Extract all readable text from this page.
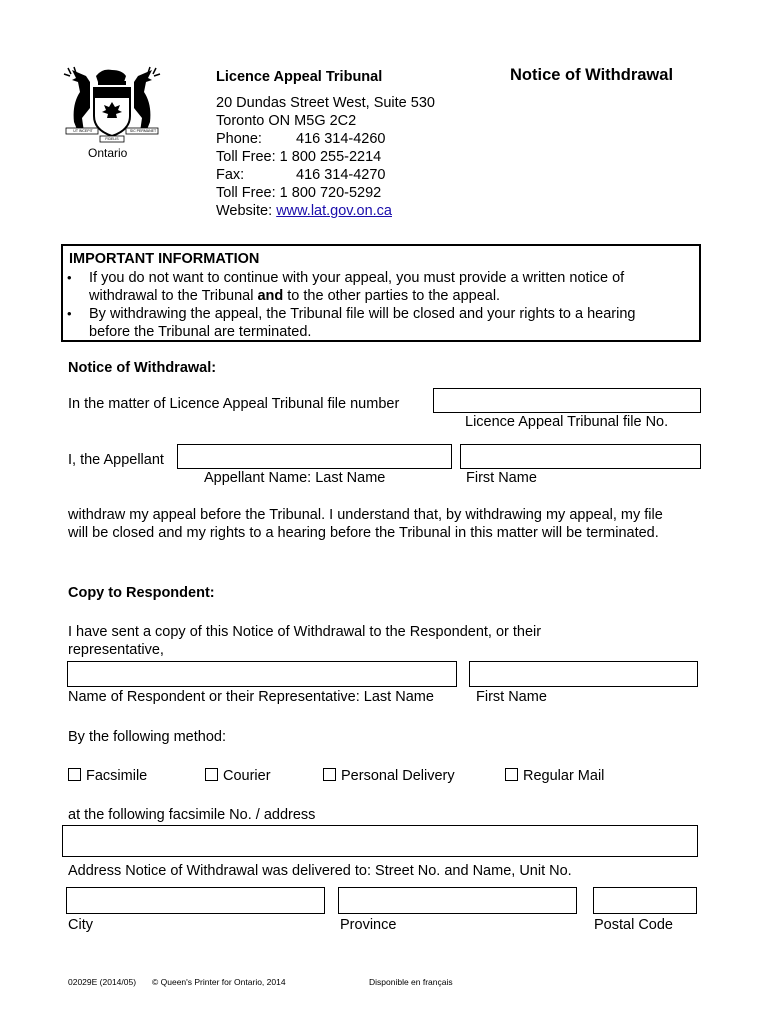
UT INCEPIT	SIC PERMANET
FIDELIS
Ontario
Licence Appeal Tribunal	Notice of Withdrawal
20 Dundas Street West, Suite 530
Toronto ON M5G 2C2
Phone: 416 314-4260
Toll Free: 1 800 255-2214
Fax:	416 314-4270
Toll Free: 1 800 720-5292
Website: www.lat.gov.on.ca
IMPORTANT INFORMATION
•	If you do not want to continue with your appeal, you must provide a written notice of
withdrawal to the Tribunal and to the other parties to the appeal.
•	By withdrawing the appeal, the Tribunal file will be closed and your rights to a hearing
before the Tribunal are terminated.
Notice of Withdrawal:
In the matter of Licence Appeal Tribunal file number
Licence Appeal Tribunal file No.
I, the Appellant
Appellant Name: Last Name	First Name
withdraw my appeal before the Tribunal. I understand that, by withdrawing my appeal, my file
will be closed and my rights to a hearing before the Tribunal in this matter will be terminated.
Copy to Respondent:
I have sent a copy of this Notice of Withdrawal to the Respondent, or their
representative,
Name of Respondent or their Representative: Last Name	First Name
By the following method:
Facsimile	Courier	Personal Delivery	Regular Mail
at the following facsimile No. / address
Address Notice of Withdrawal was delivered to: Street No. and Name, Unit No.
City	Province	Postal Code
02029E (2014/05) © Queen's Printer for Ontario, 2014	Disponible en français
